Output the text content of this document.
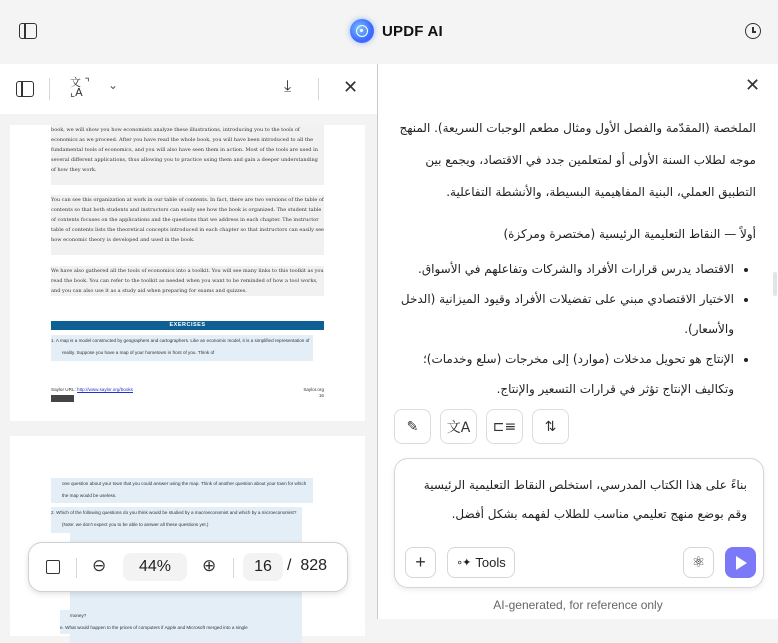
UPDF AI
文 ⌝
⌞A
⌄	⤓	✕
book, we will show you how economists analyze these illustrations, introducing you to the tools of economics as we proceed. After you have read the whole book, you will have been introduced to all the fundamental tools of economics, and you will also have seen them in action. Most of the tools are used in several different applications, thus allowing you to practice using them and gain a deeper understanding of how they work.
You can see this organization at work in our table of contents. In fact, there are two versions of the table of contents so that both students and instructors can easily see how the book is organized. The student table of contents focuses on the applications and the questions that we address in each chapter. The instructor table of contents lists the theoretical concepts introduced in each chapter so that instructors can easily see how economic theory is developed and used in the book.
We have also gathered all the tools of economics into a toolkit. You will see many links to this toolkit as you read the book. You can refer to the toolkit as needed when you want to be reminded of how a tool works, and you can also use it as a study aid when preparing for exams and quizzes.
EXERCISES
1. A map is a model constructed by geographers and cartographers. Like an economic model, it is a simplified representation of reality. Suppose you have a map of your hometown in front of you. Think of
Saylor URL: http://www.saylor.org/books	Saylor.org
16
one question about your town that you could answer using the map. Think of another question about your town for which the map would be useless.
2. Which of the following questions do you think would be studied by a macroeconomist and which by a microeconomist? (Note: we don't expect you to be able to answer all these questions yet.)
money?
e. What would happen to the prices of computers if Apple and Microsoft merged into a single
⊖	44%	⊕	16 / 828
✕

الملخصة (المقدّمة والفصل الأول ومثال مطعم الوجبات السريعة). المنهج موجه لطلاب السنة الأولى أو لمتعلمين جدد في الاقتصاد، ويجمع بين التطبيق العملي، البنية المفاهيمية البسيطة، والأنشطة التفاعلية.

أولاً — النقاط التعليمية الرئيسية (مختصرة ومركزة)

• الاقتصاد يدرس قرارات الأفراد والشركات وتفاعلهم في الأسواق.
• الاختيار الاقتصادي مبني على تفضيلات الأفراد وقيود الميزانية (الدخل والأسعار).
• الإنتاج هو تحويل مدخلات (موارد) إلى مخرجات (سلع وخدمات)؛ وتكاليف الإنتاج تؤثر في قرارات التسعير والإنتاج.
✎	文A	⊏≡	⇅
بناءً على هذا الكتاب المدرسي، استخلص النقاط التعليمية الرئيسية وقم بوضع منهج تعليمي مناسب للطلاب لفهمه بشكل أفضل.
+	∘✦ Tools	⚛
AI-generated, for reference only
